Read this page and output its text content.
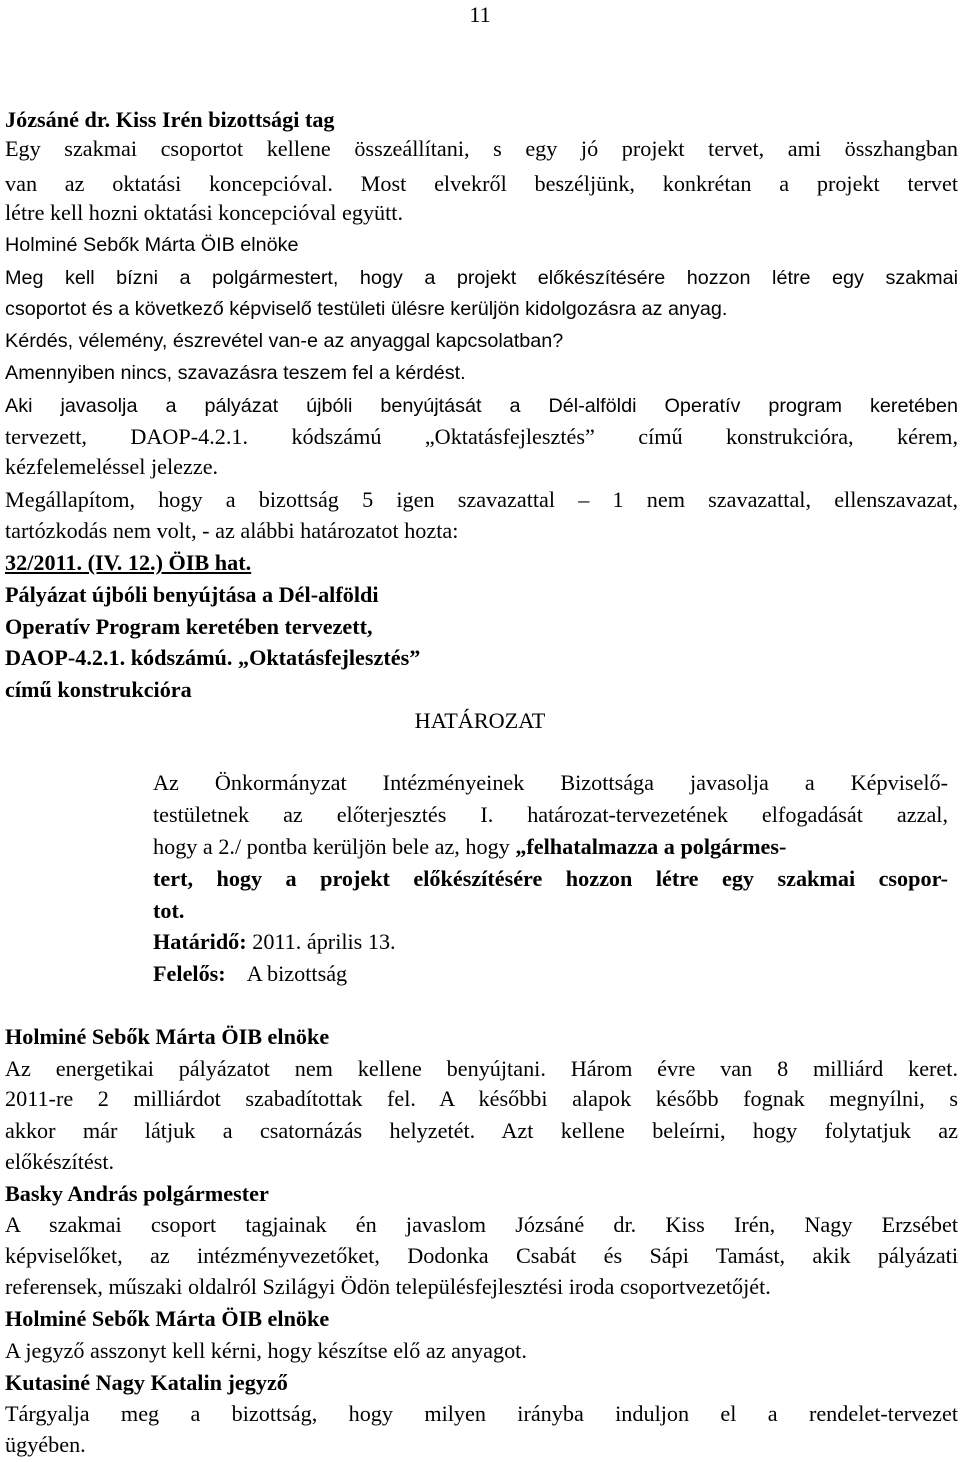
11
Józsáné dr. Kiss Irén bizottsági tag
Egy szakmai csoportot kellene összeállítani, s egy jó projekt tervet, ami összhangban
van az oktatási koncepcióval. Most elvekről beszéljünk, konkrétan a projekt tervet
létre kell hozni oktatási koncepcióval együtt.
Holminé Sebők Márta ÖIB elnöke
Meg kell bízni a polgármestert, hogy a projekt előkészítésére hozzon létre egy szakmai
csoportot és a következő képviselő testületi ülésre kerüljön kidolgozásra az anyag.
Kérdés, vélemény, észrevétel van-e az anyaggal kapcsolatban?
Amennyiben nincs, szavazásra teszem fel a kérdést.
Aki javasolja a pályázat újbóli benyújtását a Dél-alföldi Operatív program keretében
tervezett, DAOP-4.2.1. kódszámú „Oktatásfejlesztés” című konstrukcióra, kérem,
kézfelemeléssel jelezze.
Megállapítom, hogy a bizottság 5 igen szavazattal – 1 nem szavazattal, ellenszavazat,
tartózkodás nem volt, - az alábbi határozatot hozta:
32/2011. (IV. 12.) ÖIB hat.
Pályázat újbóli benyújtása a Dél-alföldi
Operatív Program keretében tervezett,
DAOP-4.2.1. kódszámú. „Oktatásfejlesztés”
című konstrukcióra
HATÁROZAT
Az Önkormányzat Intézményeinek Bizottsága javasolja a Képviselő-
testületnek az előterjesztés I. határozat-tervezetének elfogadását azzal,
hogy a 2./ pontba kerüljön bele az, hogy „felhatalmazza a polgármes-
tert, hogy a projekt előkészítésére hozzon létre egy szakmai csopor-
tot.
Határidő: 2011. április 13.
Felelős: A bizottság
Holminé Sebők Márta ÖIB elnöke
Az energetikai pályázatot nem kellene benyújtani. Három évre van 8 milliárd keret.
2011-re 2 milliárdot szabadítottak fel. A későbbi alapok később fognak megnyílni, s
akkor már látjuk a csatornázás helyzetét. Azt kellene beleírni, hogy folytatjuk az
előkészítést.
Basky András polgármester
A szakmai csoport tagjainak én javaslom Józsáné dr. Kiss Irén, Nagy Erzsébet
képviselőket, az intézményvezetőket, Dodonka Csabát és Sápi Tamást, akik pályázati
referensek, műszaki oldalról Szilágyi Ödön településfejlesztési iroda csoportvezetőjét.
Holminé Sebők Márta ÖIB elnöke
A jegyző asszonyt kell kérni, hogy készítse elő az anyagot.
Kutasiné Nagy Katalin jegyző
Tárgyalja meg a bizottság, hogy milyen irányba induljon el a rendelet-tervezet
ügyében.
